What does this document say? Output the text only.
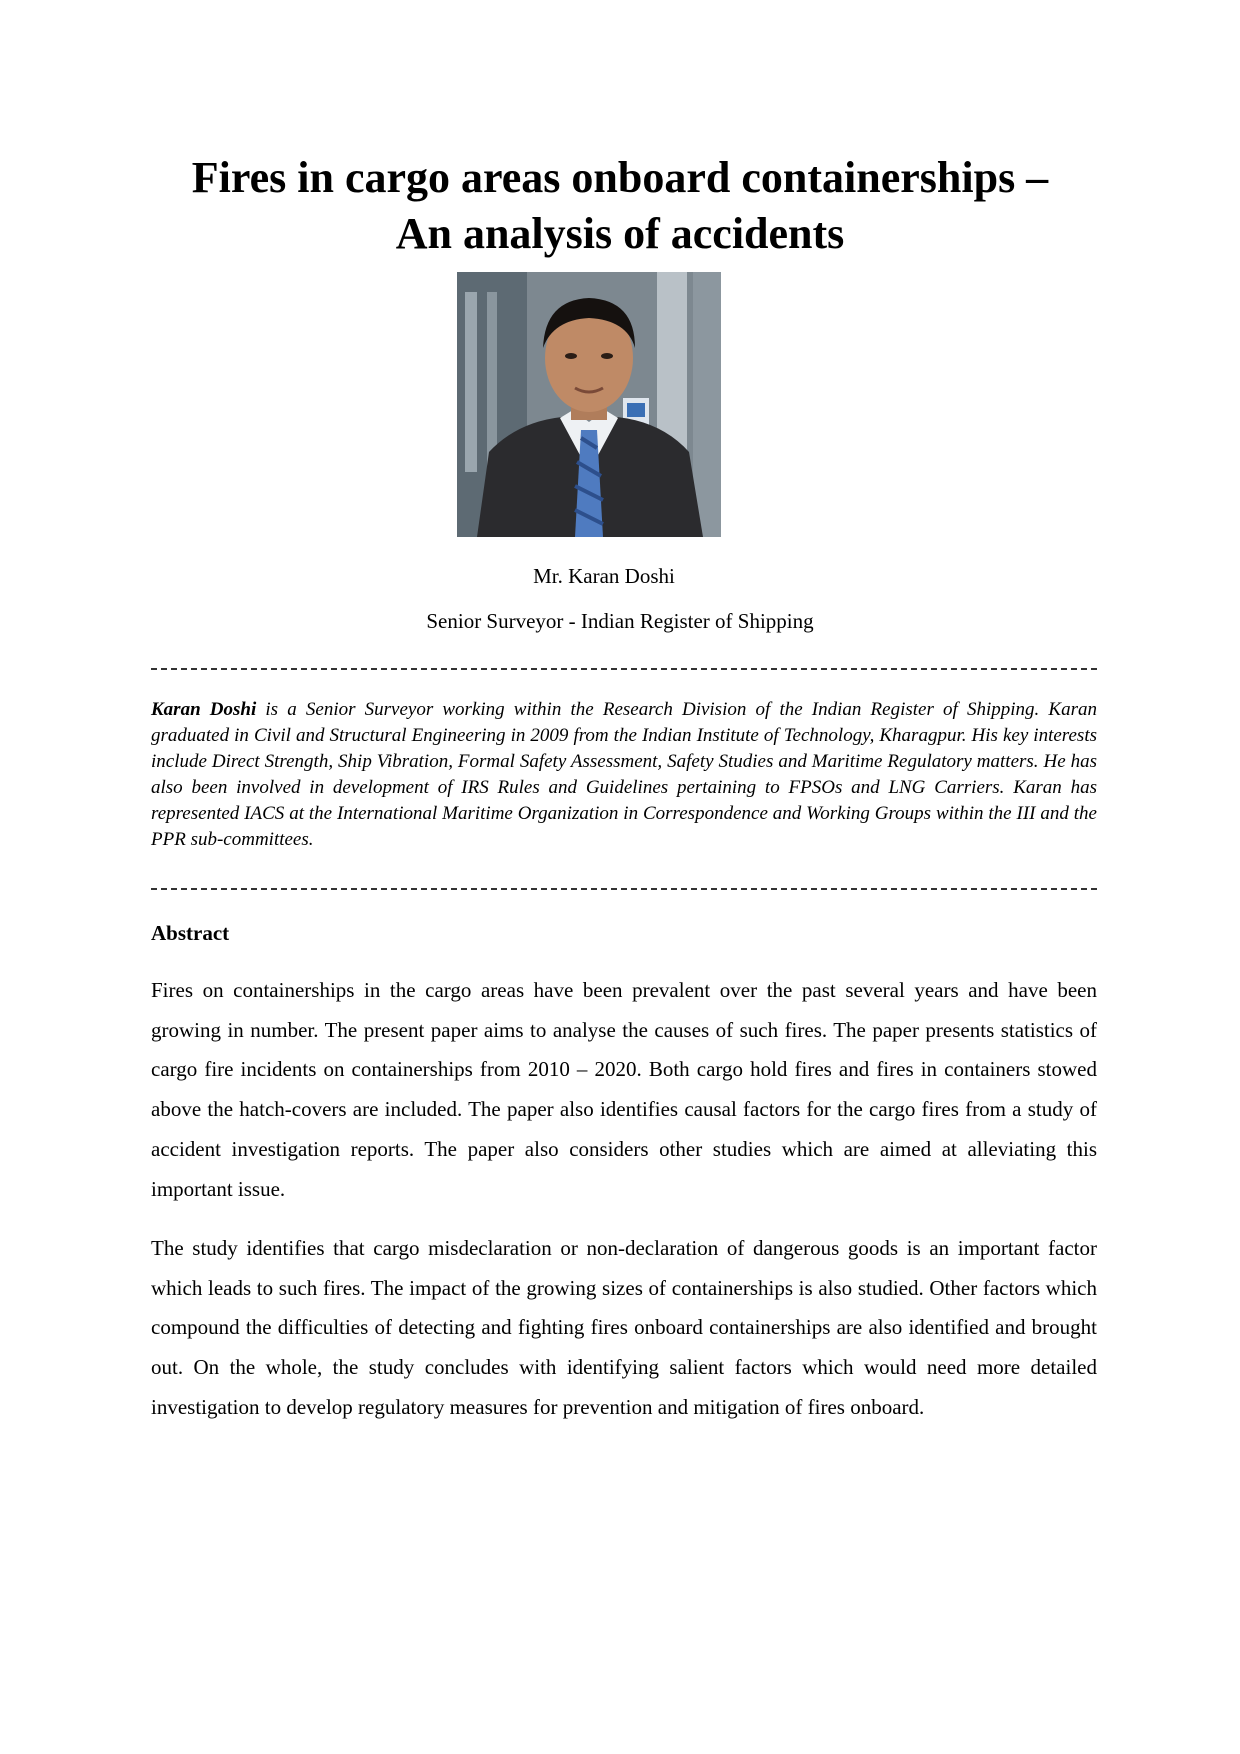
Fires in cargo areas onboard containerships –
An analysis of accidents
Mr. Karan Doshi
Senior Surveyor - Indian Register of Shipping

Karan Doshi is a Senior Surveyor working within the Research Division of the Indian Register of Shipping. Karan graduated in Civil and Structural Engineering in 2009 from the Indian Institute of Technology, Kharagpur. His key interests include Direct Strength, Ship Vibration, Formal Safety Assessment, Safety Studies and Maritime Regulatory matters. He has also been involved in development of IRS Rules and Guidelines pertaining to FPSOs and LNG Carriers. Karan has represented IACS at the International Maritime Organization in Correspondence and Working Groups within the III and the PPR sub-committees.

Abstract

Fires on containerships in the cargo areas have been prevalent over the past several years and have been growing in number. The present paper aims to analyse the causes of such fires. The paper presents statistics of cargo fire incidents on containerships from 2010 – 2020. Both cargo hold fires and fires in containers stowed above the hatch-covers are included. The paper also identifies causal factors for the cargo fires from a study of accident investigation reports. The paper also considers other studies which are aimed at alleviating this important issue.

The study identifies that cargo misdeclaration or non-declaration of dangerous goods is an important factor which leads to such fires. The impact of the growing sizes of containerships is also studied. Other factors which compound the difficulties of detecting and fighting fires onboard containerships are also identified and brought out. On the whole, the study concludes with identifying salient factors which would need more detailed investigation to develop regulatory measures for prevention and mitigation of fires onboard.
